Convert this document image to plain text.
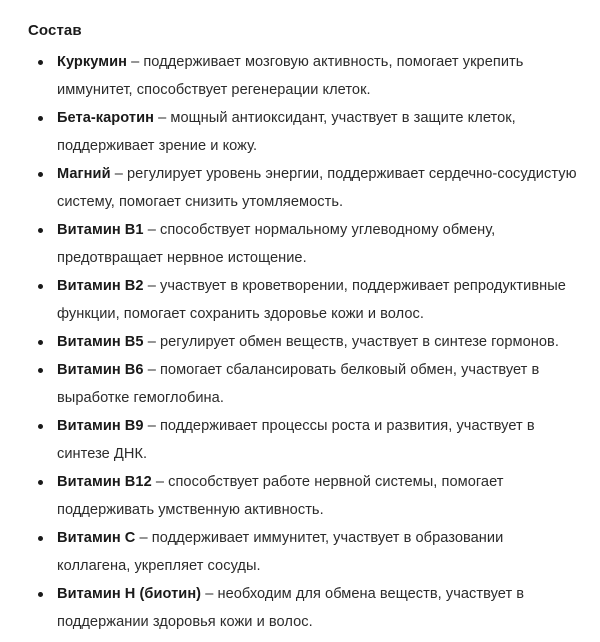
Состав
Куркумин – поддерживает мозговую активность, помогает укрепить иммунитет, способствует регенерации клеток.
Бета-каротин – мощный антиоксидант, участвует в защите клеток, поддерживает зрение и кожу.
Магний – регулирует уровень энергии, поддерживает сердечно-сосудистую систему, помогает снизить утомляемость.
Витамин B1 – способствует нормальному углеводному обмену, предотвращает нервное истощение.
Витамин B2 – участвует в кроветворении, поддерживает репродуктивные функции, помогает сохранить здоровье кожи и волос.
Витамин B5 – регулирует обмен веществ, участвует в синтезе гормонов.
Витамин B6 – помогает сбалансировать белковый обмен, участвует в выработке гемоглобина.
Витамин B9 – поддерживает процессы роста и развития, участвует в синтезе ДНК.
Витамин B12 – способствует работе нервной системы, помогает поддерживать умственную активность.
Витамин C – поддерживает иммунитет, участвует в образовании коллагена, укрепляет сосуды.
Витамин Н (биотин) – необходим для обмена веществ, участвует в поддержании здоровья кожи и волос.
